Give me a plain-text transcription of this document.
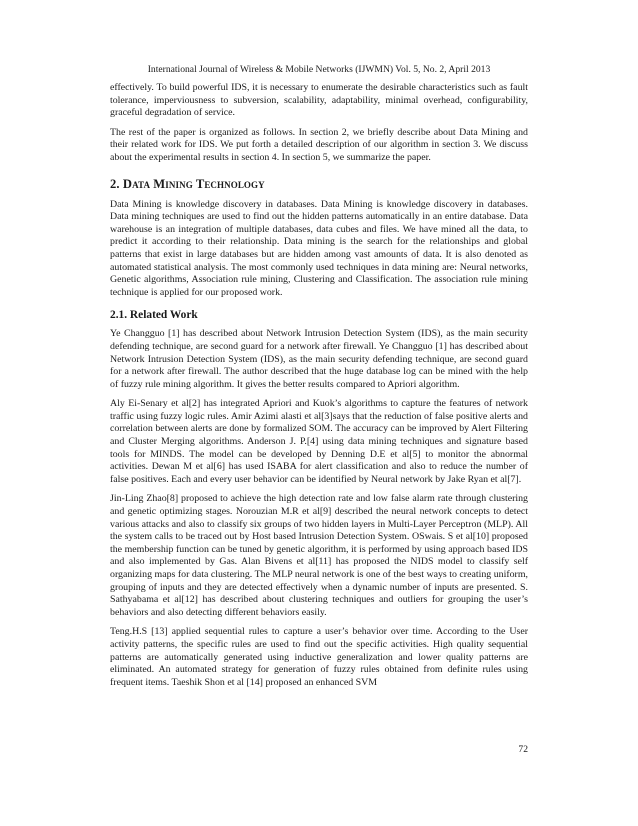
International Journal of Wireless & Mobile Networks (IJWMN) Vol. 5, No. 2, April 2013

effectively. To build powerful IDS, it is necessary to enumerate the desirable characteristics such as fault tolerance, imperviousness to subversion, scalability, adaptability, minimal overhead, configurability, graceful degradation of service.

The rest of the paper is organized as follows. In section 2, we briefly describe about Data Mining and their related work for IDS. We put forth a detailed description of our algorithm in section 3. We discuss about the experimental results in section 4. In section 5, we summarize the paper.

2. Data Mining Technology

Data Mining is knowledge discovery in databases. Data Mining is knowledge discovery in databases. Data mining techniques are used to find out the hidden patterns automatically in an entire database. Data warehouse is an integration of multiple databases, data cubes and files. We have mined all the data, to predict it according to their relationship. Data mining is the search for the relationships and global patterns that exist in large databases but are hidden among vast amounts of data. It is also denoted as automated statistical analysis. The most commonly used techniques in data mining are: Neural networks, Genetic algorithms, Association rule mining, Clustering and Classification. The association rule mining technique is applied for our proposed work.

2.1. Related Work

Ye Changguo [1] has described about Network Intrusion Detection System (IDS), as the main security defending technique, are second guard for a network after firewall. Ye Changguo [1] has described about Network Intrusion Detection System (IDS), as the main security defending technique, are second guard for a network after firewall. The author described that the huge database log can be mined with the help of fuzzy rule mining algorithm. It gives the better results compared to Apriori algorithm.

Aly Ei-Senary et al[2] has integrated Apriori and Kuok’s algorithms to capture the features of network traffic using fuzzy logic rules. Amir Azimi alasti et al[3]says that the reduction of false positive alerts and correlation between alerts are done by formalized SOM. The accuracy can be improved by Alert Filtering and Cluster Merging algorithms. Anderson J. P.[4] using data mining techniques and signature based tools for MINDS. The model can be developed by Denning D.E et al[5] to monitor the abnormal activities. Dewan M et al[6] has used ISABA for alert classification and also to reduce the number of false positives. Each and every user behavior can be identified by Neural network by Jake Ryan et al[7].

Jin-Ling Zhao[8] proposed to achieve the high detection rate and low false alarm rate through clustering and genetic optimizing stages. Norouzian M.R et al[9] described the neural network concepts to detect various attacks and also to classify six groups of two hidden layers in Multi-Layer Perceptron (MLP). All the system calls to be traced out by Host based Intrusion Detection System. OSwais. S et al[10] proposed the membership function can be tuned by genetic algorithm, it is performed by using approach based IDS and also implemented by Gas. Alan Bivens et al[11] has proposed the NIDS model to classify self organizing maps for data clustering. The MLP neural network is one of the best ways to creating uniform, grouping of inputs and they are detected effectively when a dynamic number of inputs are presented. S. Sathyabama et al[12] has described about clustering techniques and outliers for grouping the user’s behaviors and also detecting different behaviors easily.

Teng.H.S [13] applied sequential rules to capture a user’s behavior over time. According to the User activity patterns, the specific rules are used to find out the specific activities. High quality sequential patterns are automatically generated using inductive generalization and lower quality patterns are eliminated. An automated strategy for generation of fuzzy rules obtained from definite rules using frequent items. Taeshik Shon et al [14] proposed an enhanced SVM

72
